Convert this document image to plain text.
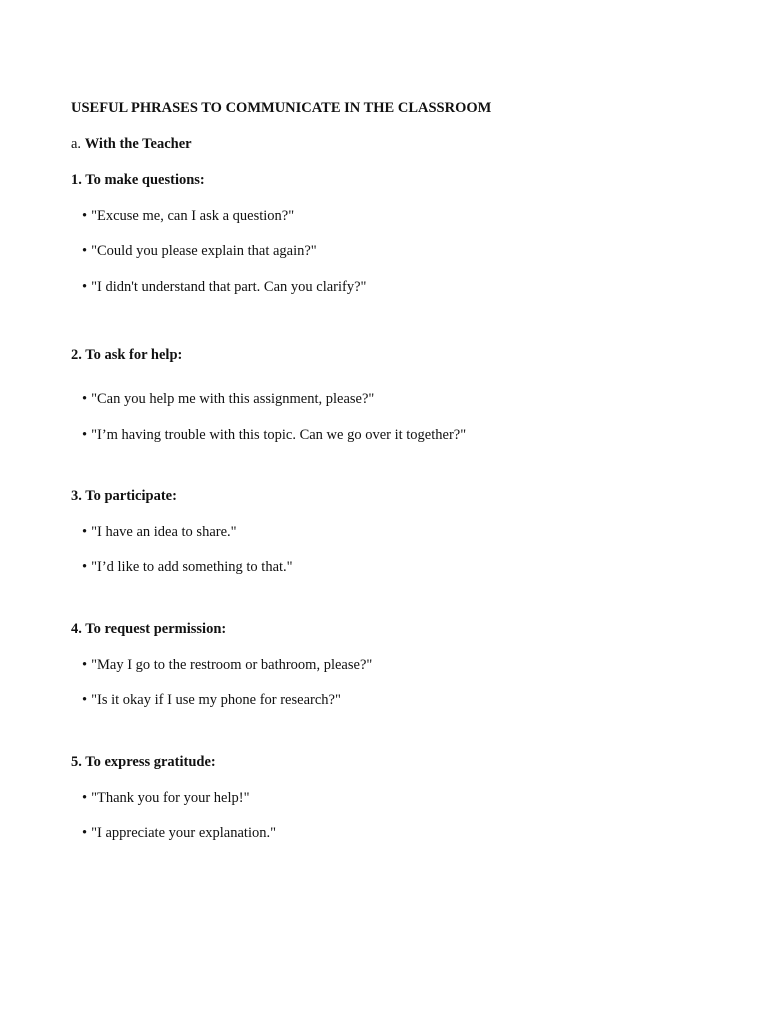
USEFUL PHRASES TO COMMUNICATE IN THE CLASSROOM
a. With the Teacher
1. To make questions:
• "Excuse me, can I ask a question?"
• "Could you please explain that again?"
• "I didn't understand that part. Can you clarify?"
2. To ask for help:
• "Can you help me with this assignment, please?"
• "I’m having trouble with this topic. Can we go over it together?"
3. To participate:
• "I have an idea to share."
• "I’d like to add something to that."
4. To request permission:
• "May I go to the restroom or bathroom, please?"
• "Is it okay if I use my phone for research?"
5. To express gratitude:
• "Thank you for your help!"
• "I appreciate your explanation."
